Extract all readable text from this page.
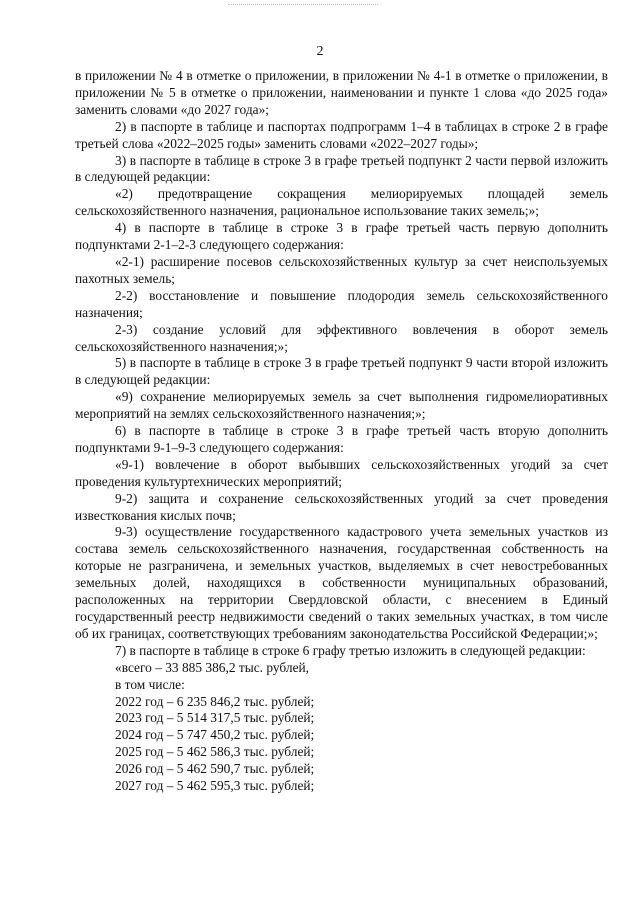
2

в приложении № 4 в отметке о приложении, в приложении № 4-1 в отметке о приложении, в приложении № 5 в отметке о приложении, наименовании и пункте 1 слова «до 2025 года» заменить словами «до 2027 года»;

2) в паспорте в таблице и паспортах подпрограмм 1–4 в таблицах в строке 2 в графе третьей слова «2022–2025 годы» заменить словами «2022–2027 годы»;

3) в паспорте в таблице в строке 3 в графе третьей подпункт 2 части первой изложить в следующей редакции:

«2) предотвращение сокращения мелиорируемых площадей земель сельскохозяйственного назначения, рациональное использование таких земель;»;

4) в паспорте в таблице в строке 3 в графе третьей часть первую дополнить подпунктами 2-1–2-3 следующего содержания:

«2-1) расширение посевов сельскохозяйственных культур за счет неиспользуемых пахотных земель;

2-2) восстановление и повышение плодородия земель сельскохозяйственного назначения;

2-3) создание условий для эффективного вовлечения в оборот земель сельскохозяйственного назначения;»;

5) в паспорте в таблице в строке 3 в графе третьей подпункт 9 части второй изложить в следующей редакции:

«9) сохранение мелиорируемых земель за счет выполнения гидромелиоративных мероприятий на землях сельскохозяйственного назначения;»;

6) в паспорте в таблице в строке 3 в графе третьей часть вторую дополнить подпунктами 9-1–9-3 следующего содержания:

«9-1) вовлечение в оборот выбывших сельскохозяйственных угодий за счет проведения культуртехнических мероприятий;

9-2) защита и сохранение сельскохозяйственных угодий за счет проведения известкования кислых почв;

9-3) осуществление государственного кадастрового учета земельных участков из состава земель сельскохозяйственного назначения, государственная собственность на которые не разграничена, и земельных участков, выделяемых в счет невостребованных земельных долей, находящихся в собственности муниципальных образований, расположенных на территории Свердловской области, с внесением в Единый государственный реестр недвижимости сведений о таких земельных участках, в том числе об их границах, соответствующих требованиям законодательства Российской Федерации;»;

7) в паспорте в таблице в строке 6 графу третью изложить в следующей редакции:

«всего – 33 885 386,2 тыс. рублей,

в том числе:

2022 год – 6 235 846,2 тыс. рублей;

2023 год – 5 514 317,5 тыс. рублей;

2024 год – 5 747 450,2 тыс. рублей;

2025 год – 5 462 586,3 тыс. рублей;

2026 год – 5 462 590,7 тыс. рублей;

2027 год – 5 462 595,3 тыс. рублей;
